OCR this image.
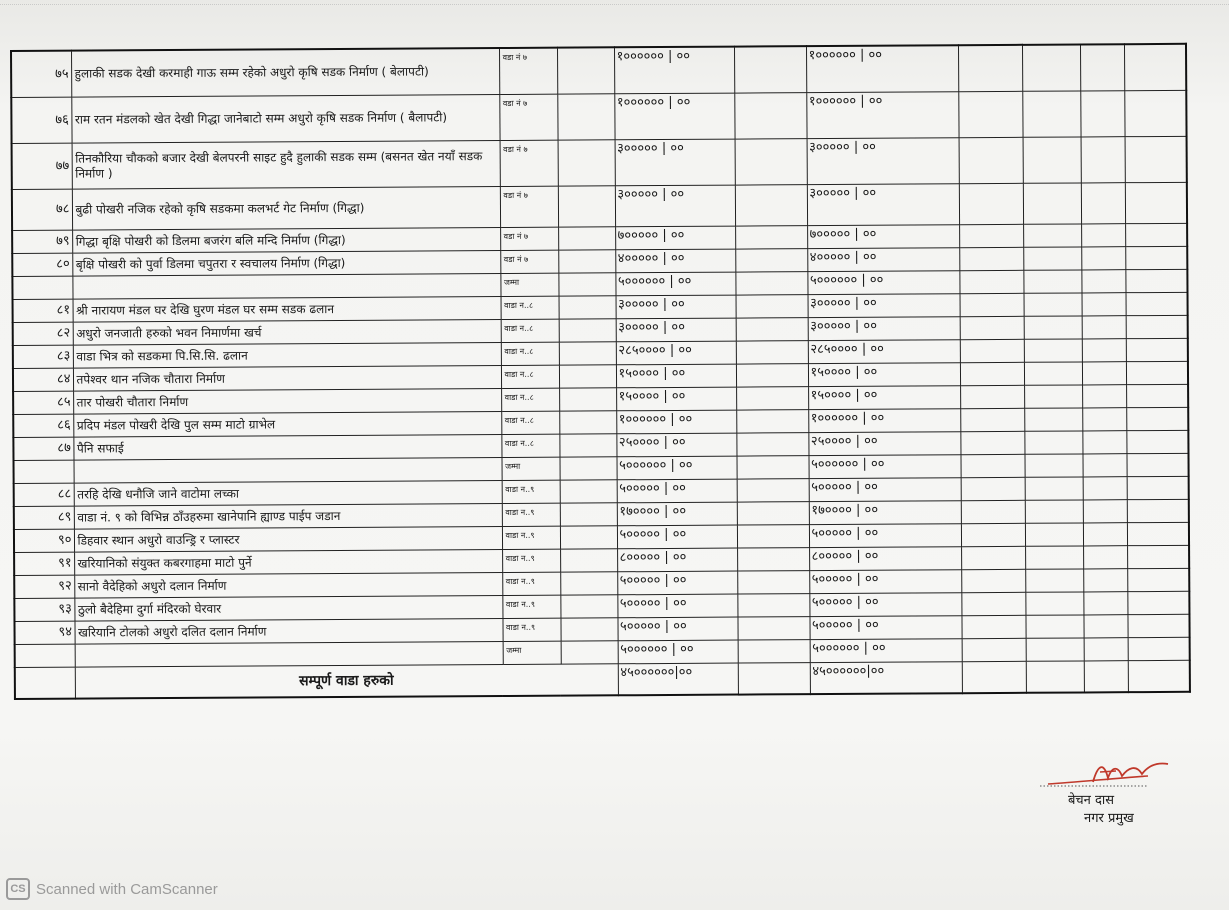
७५	हुलाकी सडक देखी करमाही गाऊ सम्म रहेको अधुरो कृषि सडक निर्माण ( बेलापटी)	वडा नं ७		१०००००० | ००		१०००००० | ००				
७६	राम रतन मंडलको खेत देखी गिद्धा जानेबाटो सम्म अधुरो कृषि सडक निर्माण ( बैलापटी)	वडा नं ७		१०००००० | ००		१०००००० | ००				
७७	तिनकौरिया चौकको बजार देखी बेलपरनी साइट हुदै हुलाकी सडक सम्म (बसनत खेत नयाँ सडक निर्माण )	वडा नं ७		३००००० | ००		३००००० | ००				
७८	बुढी पोखरी नजिक रहेको कृषि सडकमा कलभर्ट गेट निर्माण (गिद्धा)	वडा नं ७		३००००० | ००		३००००० | ००				
७९	गिद्धा बृक्षि पोखरी को डिलमा बजरंग बलि मन्दि निर्माण (गिद्धा)	वडा नं ७		७००००० | ००		७००००० | ००				
८०	बृक्षि पोखरी को पुर्वा डिलमा चपुतरा र स्वचालय निर्माण (गिद्धा)	वडा नं ७		४००००० | ००		४००००० | ००				
		जम्मा		५०००००० | ००		५०००००० | ००				
८१	श्री नारायण मंडल घर देखि घुरण मंडल घर सम्म सडक ढलान	वाडा न..८		३००००० | ००		३००००० | ००				
८२	अधुरो जनजाती हरुको भवन निमार्णमा खर्च	वाडा न..८		३००००० | ००		३००००० | ००				
८३	वाडा भित्र को सडकमा पि.सि.सि. ढलान	वाडा न..८		२८५०००० | ००		२८५०००० | ००				
८४	तपेश्वर थान नजिक चौतारा निर्माण	वाडा न..८		१५०००० | ००		१५०००० | ००				
८५	तार पोखरी चौतारा निर्माण	वाडा न..८		१५०००० | ००		१५०००० | ००				
८६	प्रदिप मंडल पोखरी देखि पुल सम्म माटो ग्राभेल	वाडा न..८		१०००००० | ००		१०००००० | ००				
८७	पैनि सफाई	वाडा न..८		२५०००० | ००		२५०००० | ००				
		जम्मा		५०००००० | ००		५०००००० | ००				
८८	तरहि देखि धनौजि जाने वाटोमा लच्का	वाडा न..९		५००००० | ००		५००००० | ००				
८९	वाडा नं. ९ को विभिन्न ठाँउहरुमा खानेपानि ह्याण्ड पाईप जडान	वाडा न..९		१७०००० | ००		१७०००० | ००				
९०	डिहवार स्थान अधुरो वाउन्ड्रि र प्लास्टर	वाडा न..९		५००००० | ००		५००००० | ००				
९१	खरियानिको संयुक्त कबरगाहमा माटो पुर्ने	वाडा न..९		८००००० | ००		८००००० | ००				
९२	सानो वैदेहिको अधुरो दलान निर्माण	वाडा न..९		५००००० | ००		५००००० | ००				
९३	ठुलो बैदेहिमा दुर्गा मंदिरको घेरवार	वाडा न..९		५००००० | ००		५००००० | ००				
९४	खरियानि टोलको अधुरो दलित दलान निर्माण	वाडा न..९		५००००० | ००		५००००० | ००				
		जम्मा		५०००००० | ००		५०००००० | ००				
	सम्पूर्ण वाडा हरुको			४५००००००|००		४५००००००|००				
बेचन दास
नगर प्रमुख
CS Scanned with CamScanner
